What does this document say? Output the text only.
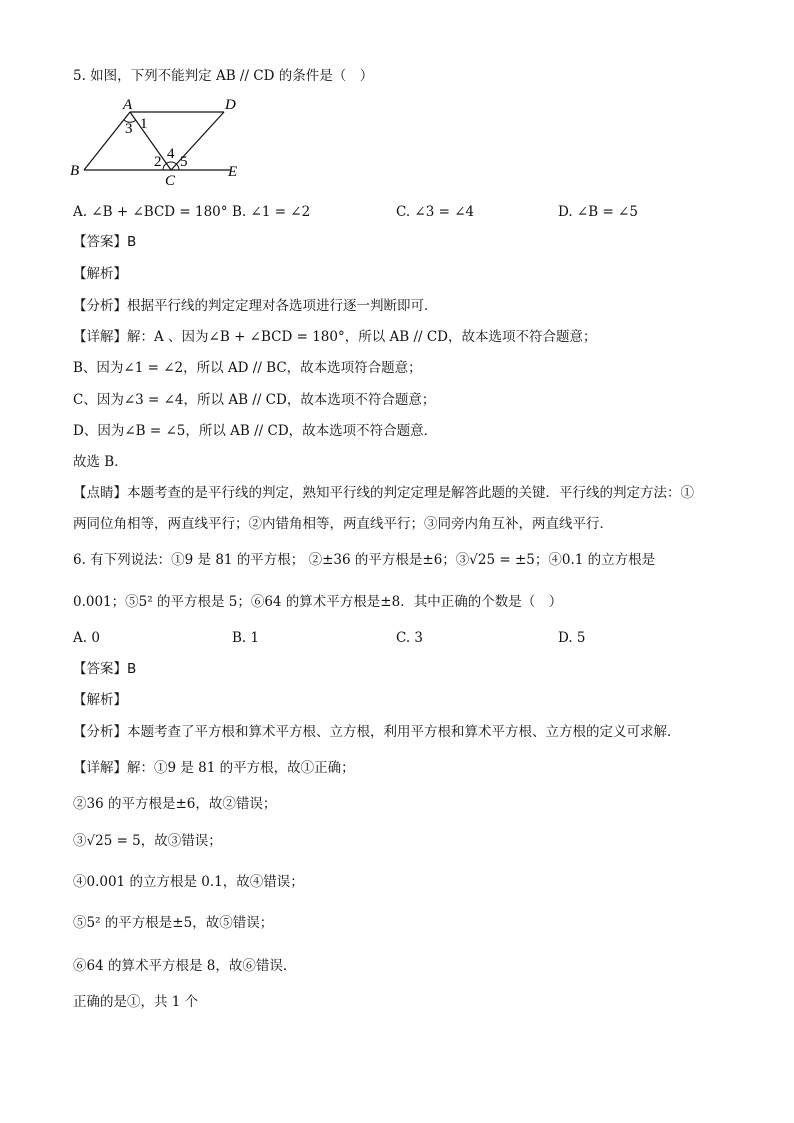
5. 如图，下列不能判定 AB // CD 的条件是（　）
A	D
B
C
E
1
2
3
4 5
A. ∠B + ∠BCD = 180° B. ∠1 = ∠2	C. ∠3 = ∠4	D. ∠B = ∠5
【答案】B
【解析】
【分析】根据平行线的判定定理对各选项进行逐一判断即可．
【详解】解：A 、因为∠B + ∠BCD = 180°，所以 AB // CD，故本选项不符合题意；
B、因为∠1 = ∠2，所以 AD // BC，故本选项符合题意；
C、因为∠3 = ∠4，所以 AB // CD，故本选项不符合题意；
D、因为∠B = ∠5，所以 AB // CD，故本选项不符合题意．
故选 B．
【点睛】本题考查的是平行线的判定，熟知平行线的判定定理是解答此题的关键．平行线的判定方法：①
两同位角相等，两直线平行；②内错角相等，两直线平行；③同旁内角互补，两直线平行．
6. 有下列说法：①9 是 81 的平方根； ②±36 的平方根是±6；③√25 = ±5；④0.1 的立方根是
0.001；⑤5² 的平方根是 5；⑥64 的算术平方根是±8．其中正确的个数是（　）
A. 0	B. 1	C. 3	D. 5
【答案】B
【解析】
【分析】本题考查了平方根和算术平方根、立方根，利用平方根和算术平方根、立方根的定义可求解．
【详解】解：①9 是 81 的平方根，故①正确；
②36 的平方根是±6，故②错误；
③√25 = 5，故③错误；
④0.001 的立方根是 0.1，故④错误；
⑤5² 的平方根是±5，故⑤错误；
⑥64 的算术平方根是 8，故⑥错误．
正确的是①，共 1 个
